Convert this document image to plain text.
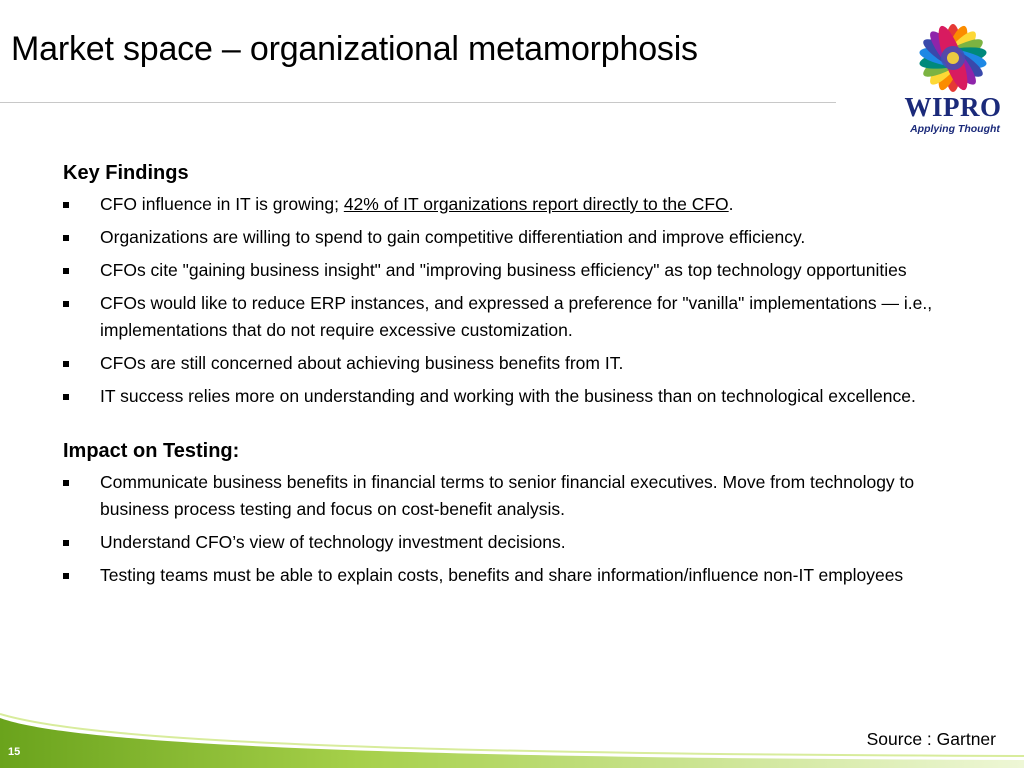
Market space – organizational metamorphosis
WIPRO
Applying Thought
Key Findings
CFO influence in IT is growing; 42% of IT organizations report directly to the CFO.
Organizations are willing to spend to gain competitive differentiation and improve efficiency.
CFOs cite "gaining business insight" and "improving business efficiency" as top technology opportunities
CFOs would like to reduce ERP instances, and expressed a preference for "vanilla" implementations — i.e., implementations that do not require excessive customization.
CFOs are still concerned about achieving business benefits from IT.
IT success relies more on understanding and working with the business than on technological excellence.
Impact on Testing:
Communicate business benefits in financial terms to senior financial executives. Move from technology to business process testing and focus on cost-benefit analysis.
Understand CFO’s view of technology investment decisions.
Testing teams must be able to explain costs, benefits and share information/influence non-IT employees
Source : Gartner
15
